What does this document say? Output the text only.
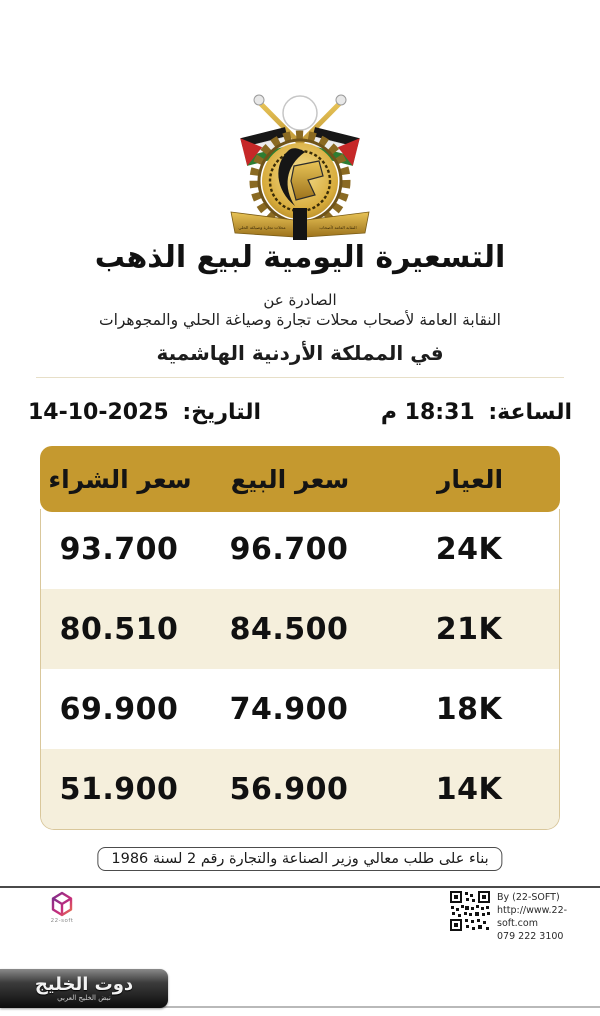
محلات تجارة وصياغة الحلي	النقابة العامة لأصحاب
التسعيرة اليومية لبيع الذهب
الصادرة عن
النقابة العامة لأصحاب محلات تجارة وصياغة الحلي والمجوهرات
في المملكة الأردنية الهاشمية
التاريخ: 14-10-2025	الساعة: 18:31 م
العيار
سعر البيع
سعر الشراء
24K
96.700
93.700
21K
84.500
80.510
18K
74.900
69.900
14K
56.900
51.900
بناء على طلب معالي وزير الصناعة والتجارة رقم 2 لسنة 1986
By (22-SOFT)
http://www.22-soft.com
079 222 3100
22-soft
دوت الخليج
نبض الخليج العربي
